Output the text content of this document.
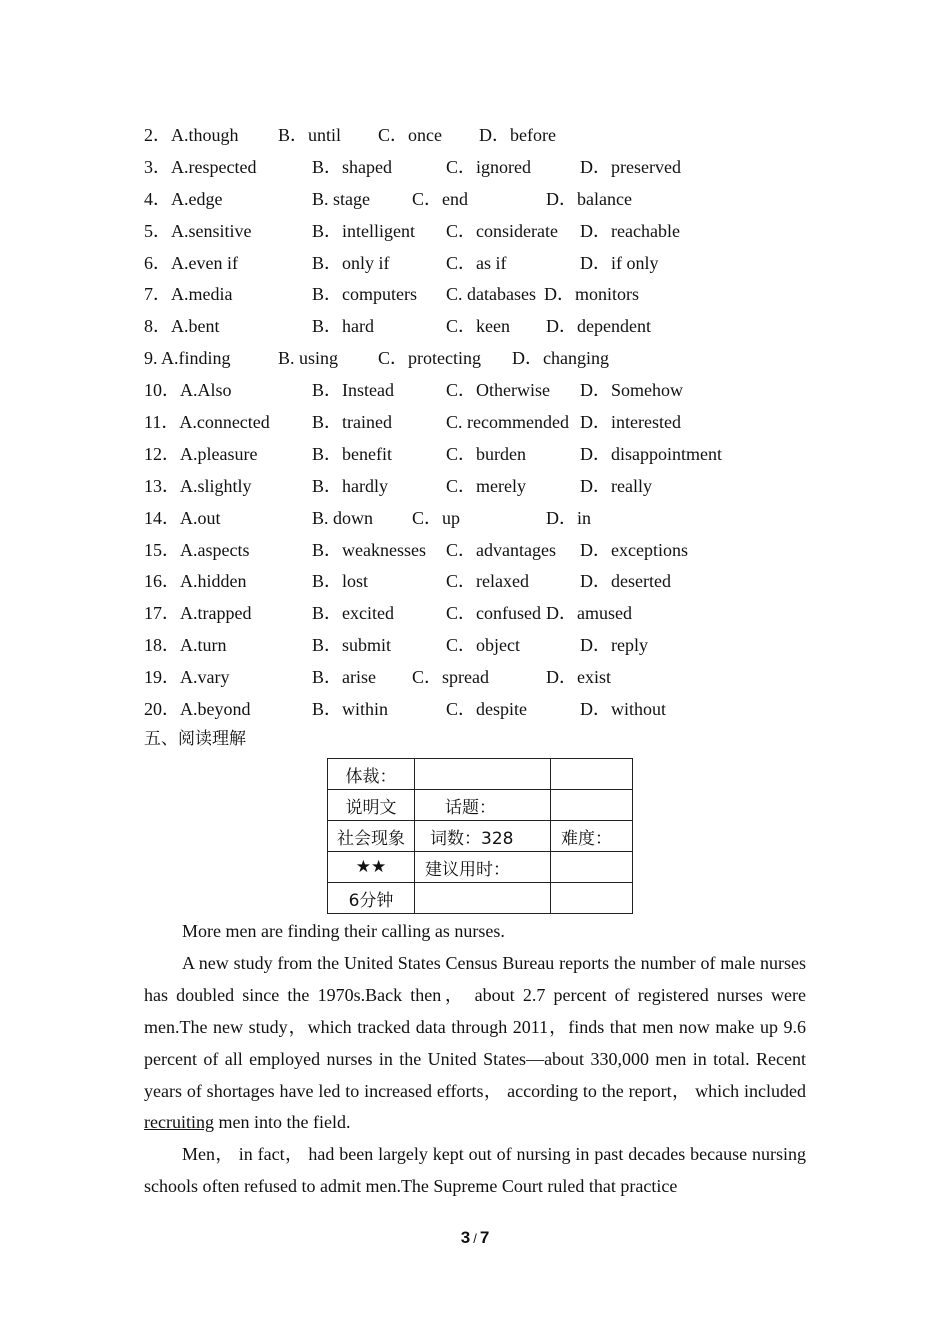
2．A.though B．until C．once D．before
3．A.respected	B．shaped	C．ignored	D．preserved
4．A.edge	B. stage C．end	D．balance
5．A.sensitive	B．intelligent C．considerate D．reachable
6．A.even if	B．only if	C．as if	D．if only
7．A.media	B．computers C. databases D．monitors
8．A.bent	B．hard	C．keen D．dependent
9. A.finding	B. using C．protecting D．changing
10．A.Also	B．Instead	C．Otherwise D．Somehow
11．A.connected B．trained	C. recommended D．interested
12．A.pleasure	B．benefit	C．burden	D．disappointment
13．A.slightly	B．hardly	C．merely	D．really
14．A.out	B. down C．up	D．in
15．A.aspects	B．weaknesses C．advantages D．exceptions
16．A.hidden	B．lost	C．relaxed	D．deserted
17．A.trapped	B．excited	C．confused D．amused
18．A.turn	B．submit	C．object	D．reply
19．A.vary	B．arise C．spread	D．exist
20．A.beyond	B．within	C．despite	D．without
五、阅读理解
体裁：		
说明文	话题：	
社会现象	词数：328	难度：
★★	建议用时：	
6分钟		

More men are finding their calling as nurses.

A new study from the United States Census Bureau reports the number of male nurses has doubled since the 1970s.Back then， about 2.7 percent of registered nurses were men.The new study，which tracked data through 2011，finds that men now make up 9.6 percent of all employed nurses in the United States—about 330,000 men in total. Recent years of shortages have led to increased efforts， according to the report， which included recruiting men into the field.

Men， in fact， had been largely kept out of nursing in past decades because nursing schools often refused to admit men.The Supreme Court ruled that practice

3 / 7
